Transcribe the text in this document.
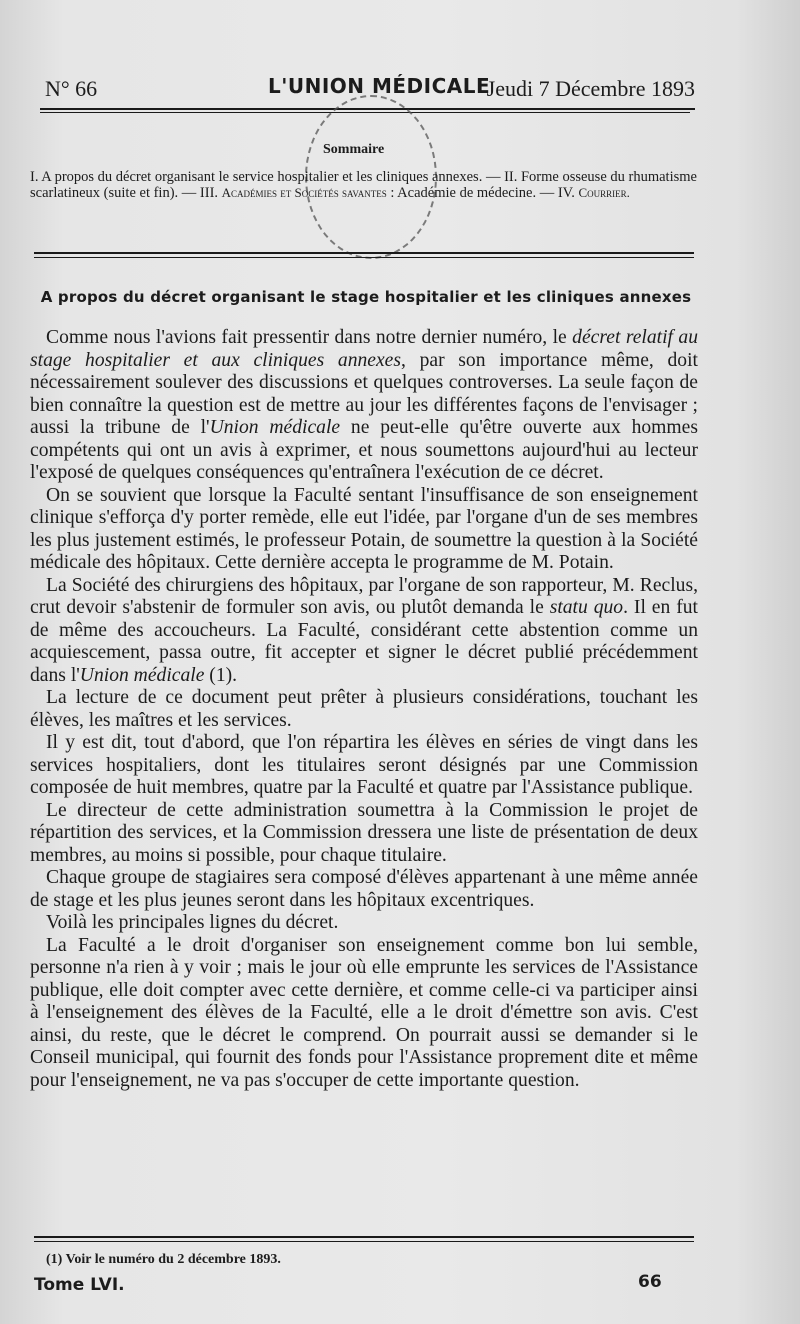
N° 66	L'UNION MÉDICALE
Jeudi 7 Décembre 1893
Sommaire
I. A propos du décret organisant le service hospitalier et les cliniques annexes. — II. Forme osseuse du rhumatisme scarlatineux (suite et fin). — III. Académies et Sociétés savantes : Académie de médecine. — IV. Courrier.
A propos du décret organisant le stage hospitalier et les cliniques annexes

Comme nous l'avions fait pressentir dans notre dernier numéro, le décret relatif au stage hospitalier et aux cliniques annexes, par son importance même, doit nécessairement soulever des discussions et quelques controverses. La seule façon de bien connaître la question est de mettre au jour les différentes façons de l'envisager ; aussi la tribune de l'Union médicale ne peut-elle qu'être ouverte aux hommes compétents qui ont un avis à exprimer, et nous soumettons aujourd'hui au lecteur l'exposé de quelques conséquences qu'entraînera l'exécution de ce décret.

On se souvient que lorsque la Faculté sentant l'insuffisance de son enseignement clinique s'efforça d'y porter remède, elle eut l'idée, par l'organe d'un de ses membres les plus justement estimés, le professeur Potain, de soumettre la question à la Société médicale des hôpitaux. Cette dernière accepta le programme de M. Potain.

La Société des chirurgiens des hôpitaux, par l'organe de son rapporteur, M. Reclus, crut devoir s'abstenir de formuler son avis, ou plutôt demanda le statu quo. Il en fut de même des accoucheurs. La Faculté, considérant cette abstention comme un acquiescement, passa outre, fit accepter et signer le décret publié précédemment dans l'Union médicale (1).

La lecture de ce document peut prêter à plusieurs considérations, touchant les élèves, les maîtres et les services.

Il y est dit, tout d'abord, que l'on répartira les élèves en séries de vingt dans les services hospitaliers, dont les titulaires seront désignés par une Commission composée de huit membres, quatre par la Faculté et quatre par l'Assistance publique.

Le directeur de cette administration soumettra à la Commission le projet de répartition des services, et la Commission dressera une liste de présentation de deux membres, au moins si possible, pour chaque titulaire.

Chaque groupe de stagiaires sera composé d'élèves appartenant à une même année de stage et les plus jeunes seront dans les hôpitaux excentriques.

Voilà les principales lignes du décret.

La Faculté a le droit d'organiser son enseignement comme bon lui semble, personne n'a rien à y voir ; mais le jour où elle emprunte les services de l'Assistance publique, elle doit compter avec cette dernière, et comme celle-ci va participer ainsi à l'enseignement des élèves de la Faculté, elle a le droit d'émettre son avis. C'est ainsi, du reste, que le décret le comprend. On pourrait aussi se demander si le Conseil municipal, qui fournit des fonds pour l'Assistance proprement dite et même pour l'enseignement, ne va pas s'occuper de cette importante question.

(1) Voir le numéro du 2 décembre 1893.
Tome LVI.	66
